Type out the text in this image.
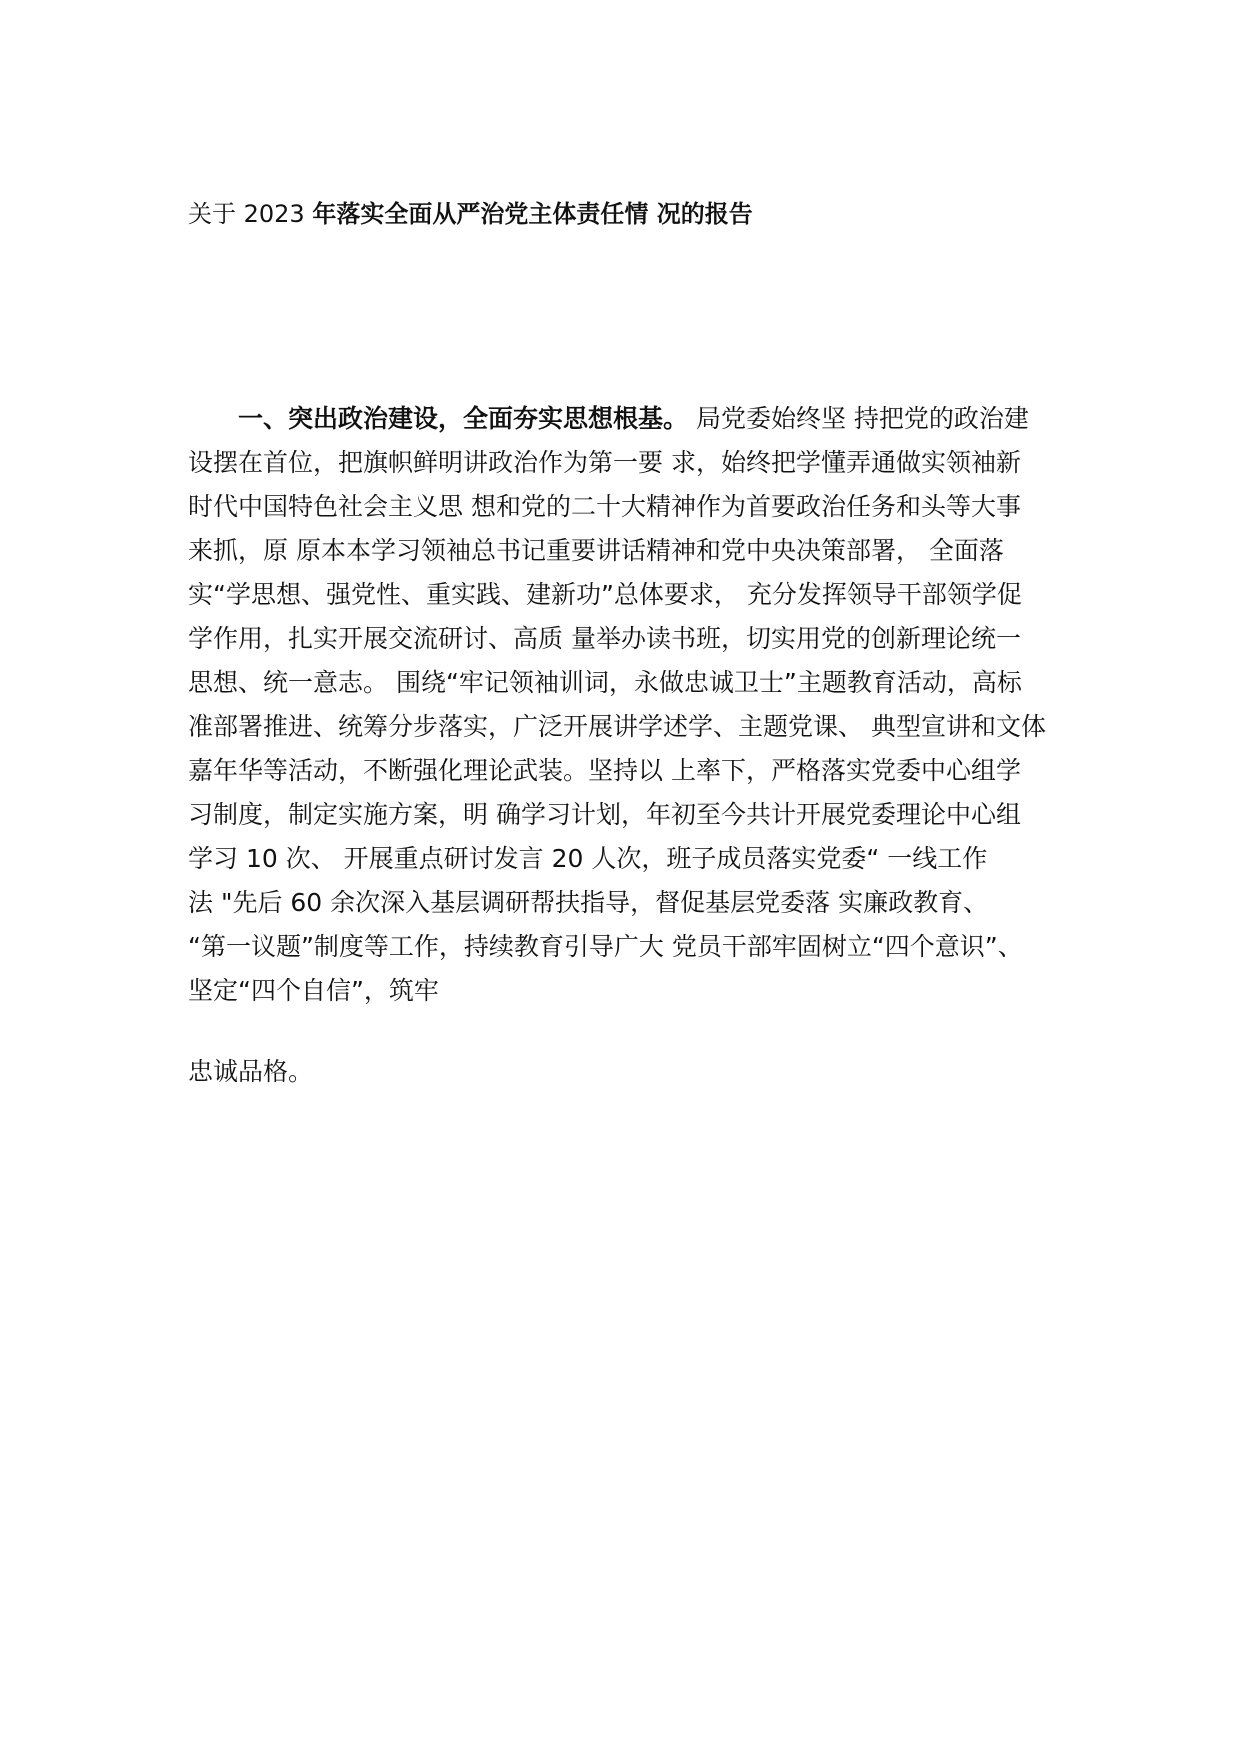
关于 2023 年落实全面从严治党主体责任情 况的报告
一、突出政治建设，全面夯实思想根基。 局党委始终坚 持把党的政治建
设摆在首位，把旗帜鲜明讲政治作为第一要 求，始终把学懂弄通做实领袖新
时代中国特色社会主义思 想和党的二十大精神作为首要政治任务和头等大事
来抓，原 原本本学习领袖总书记重要讲话精神和党中央决策部署， 全面落
实“学思想、强党性、重实践、建新功”总体要求， 充分发挥领导干部领学促
学作用，扎实开展交流研讨、高质 量举办读书班，切实用党的创新理论统一
思想、统一意志。 围绕“牢记领袖训词，永做忠诚卫士”主题教育活动，高标
准部署推进、统筹分步落实，广泛开展讲学述学、主题党课、 典型宣讲和文体
嘉年华等活动，不断强化理论武装。坚持以 上率下，严格落实党委中心组学
习制度，制定实施方案，明 确学习计划，年初至今共计开展党委理论中心组
学习 10 次、 开展重点研讨发言 20 人次，班子成员落实党委“ 一线工作
法 "先后 60 余次深入基层调研帮扶指导，督促基层党委落 实廉政教育、
“第一议题”制度等工作，持续教育引导广大 党员干部牢固树立“四个意识”、
坚定“四个自信”，筑牢
忠诚品格。
